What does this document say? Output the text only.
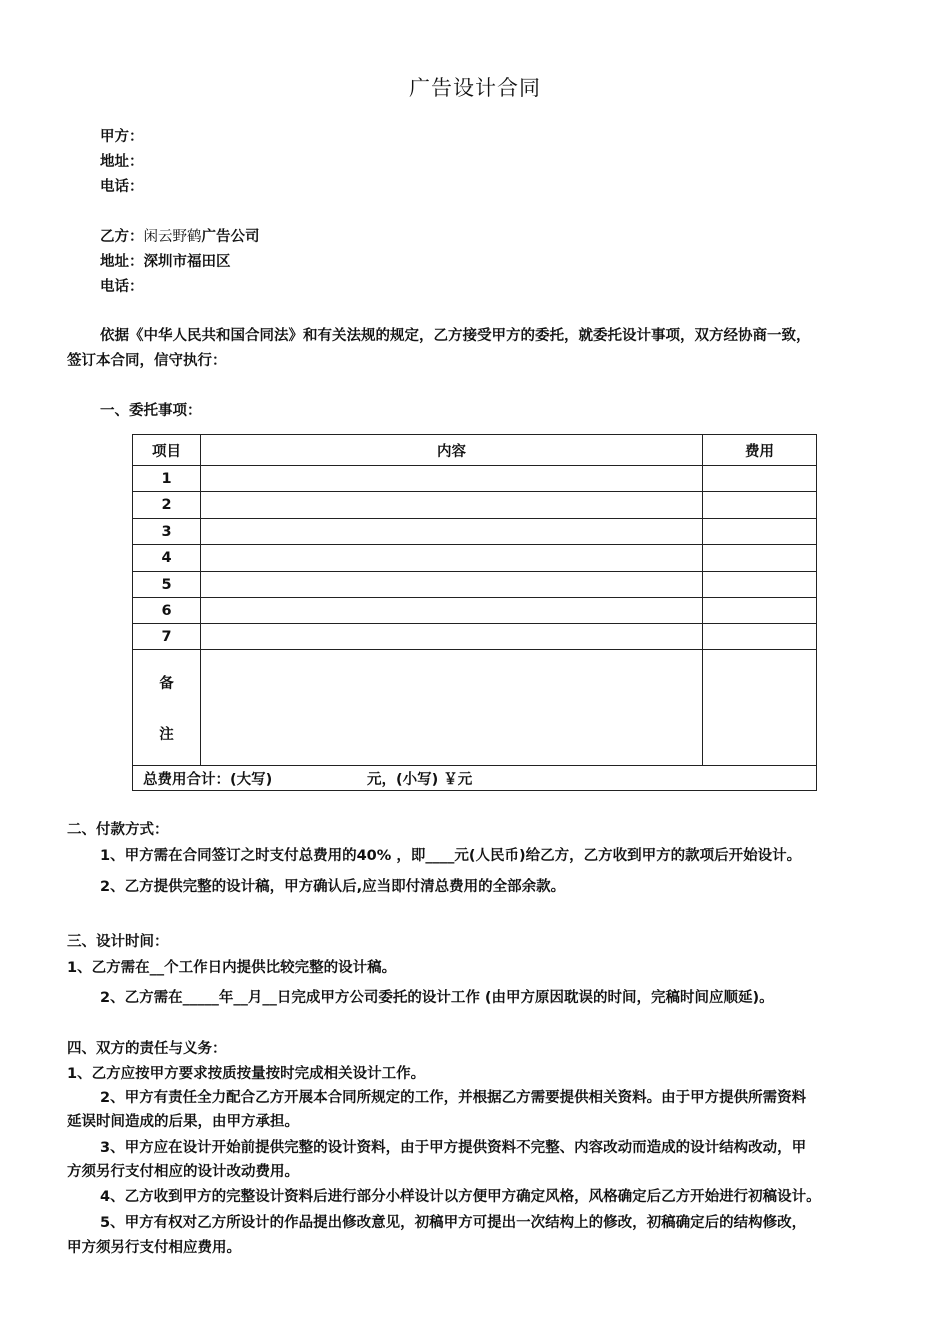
广告设计合同
甲方：
地址：
电话：
乙方：闲云野鹤广告公司
地址：深圳市福田区
电话：
依据《中华人民共和国合同法》和有关法规的规定，乙方接受甲方的委托，就委托设计事项，双方经协商一致，
签订本合同，信守执行：
一、委托事项：
项目	内容	费用
1
2
3
4
5
6
7
备
注
总费用合计：(大写)	元，(小写) ￥元
二、付款方式：
1、甲方需在合同签订之时支付总费用的40% ，即____元(人民币)给乙方，乙方收到甲方的款项后开始设计。
2、乙方提供完整的设计稿，甲方确认后,应当即付清总费用的全部余款。
三、设计时间：
1、乙方需在__个工作日内提供比较完整的设计稿。
2、乙方需在_____年__月__日完成甲方公司委托的设计工作 (由甲方原因耽误的时间，完稿时间应顺延)。
四、双方的责任与义务：
1、乙方应按甲方要求按质按量按时完成相关设计工作。
2、甲方有责任全力配合乙方开展本合同所规定的工作，并根据乙方需要提供相关资料。由于甲方提供所需资料
延误时间造成的后果，由甲方承担。
3、甲方应在设计开始前提供完整的设计资料，由于甲方提供资料不完整、内容改动而造成的设计结构改动，甲
方须另行支付相应的设计改动费用。
4、乙方收到甲方的完整设计资料后进行部分小样设计以方便甲方确定风格，风格确定后乙方开始进行初稿设计。
5、甲方有权对乙方所设计的作品提出修改意见，初稿甲方可提出一次结构上的修改，初稿确定后的结构修改，
甲方须另行支付相应费用。
